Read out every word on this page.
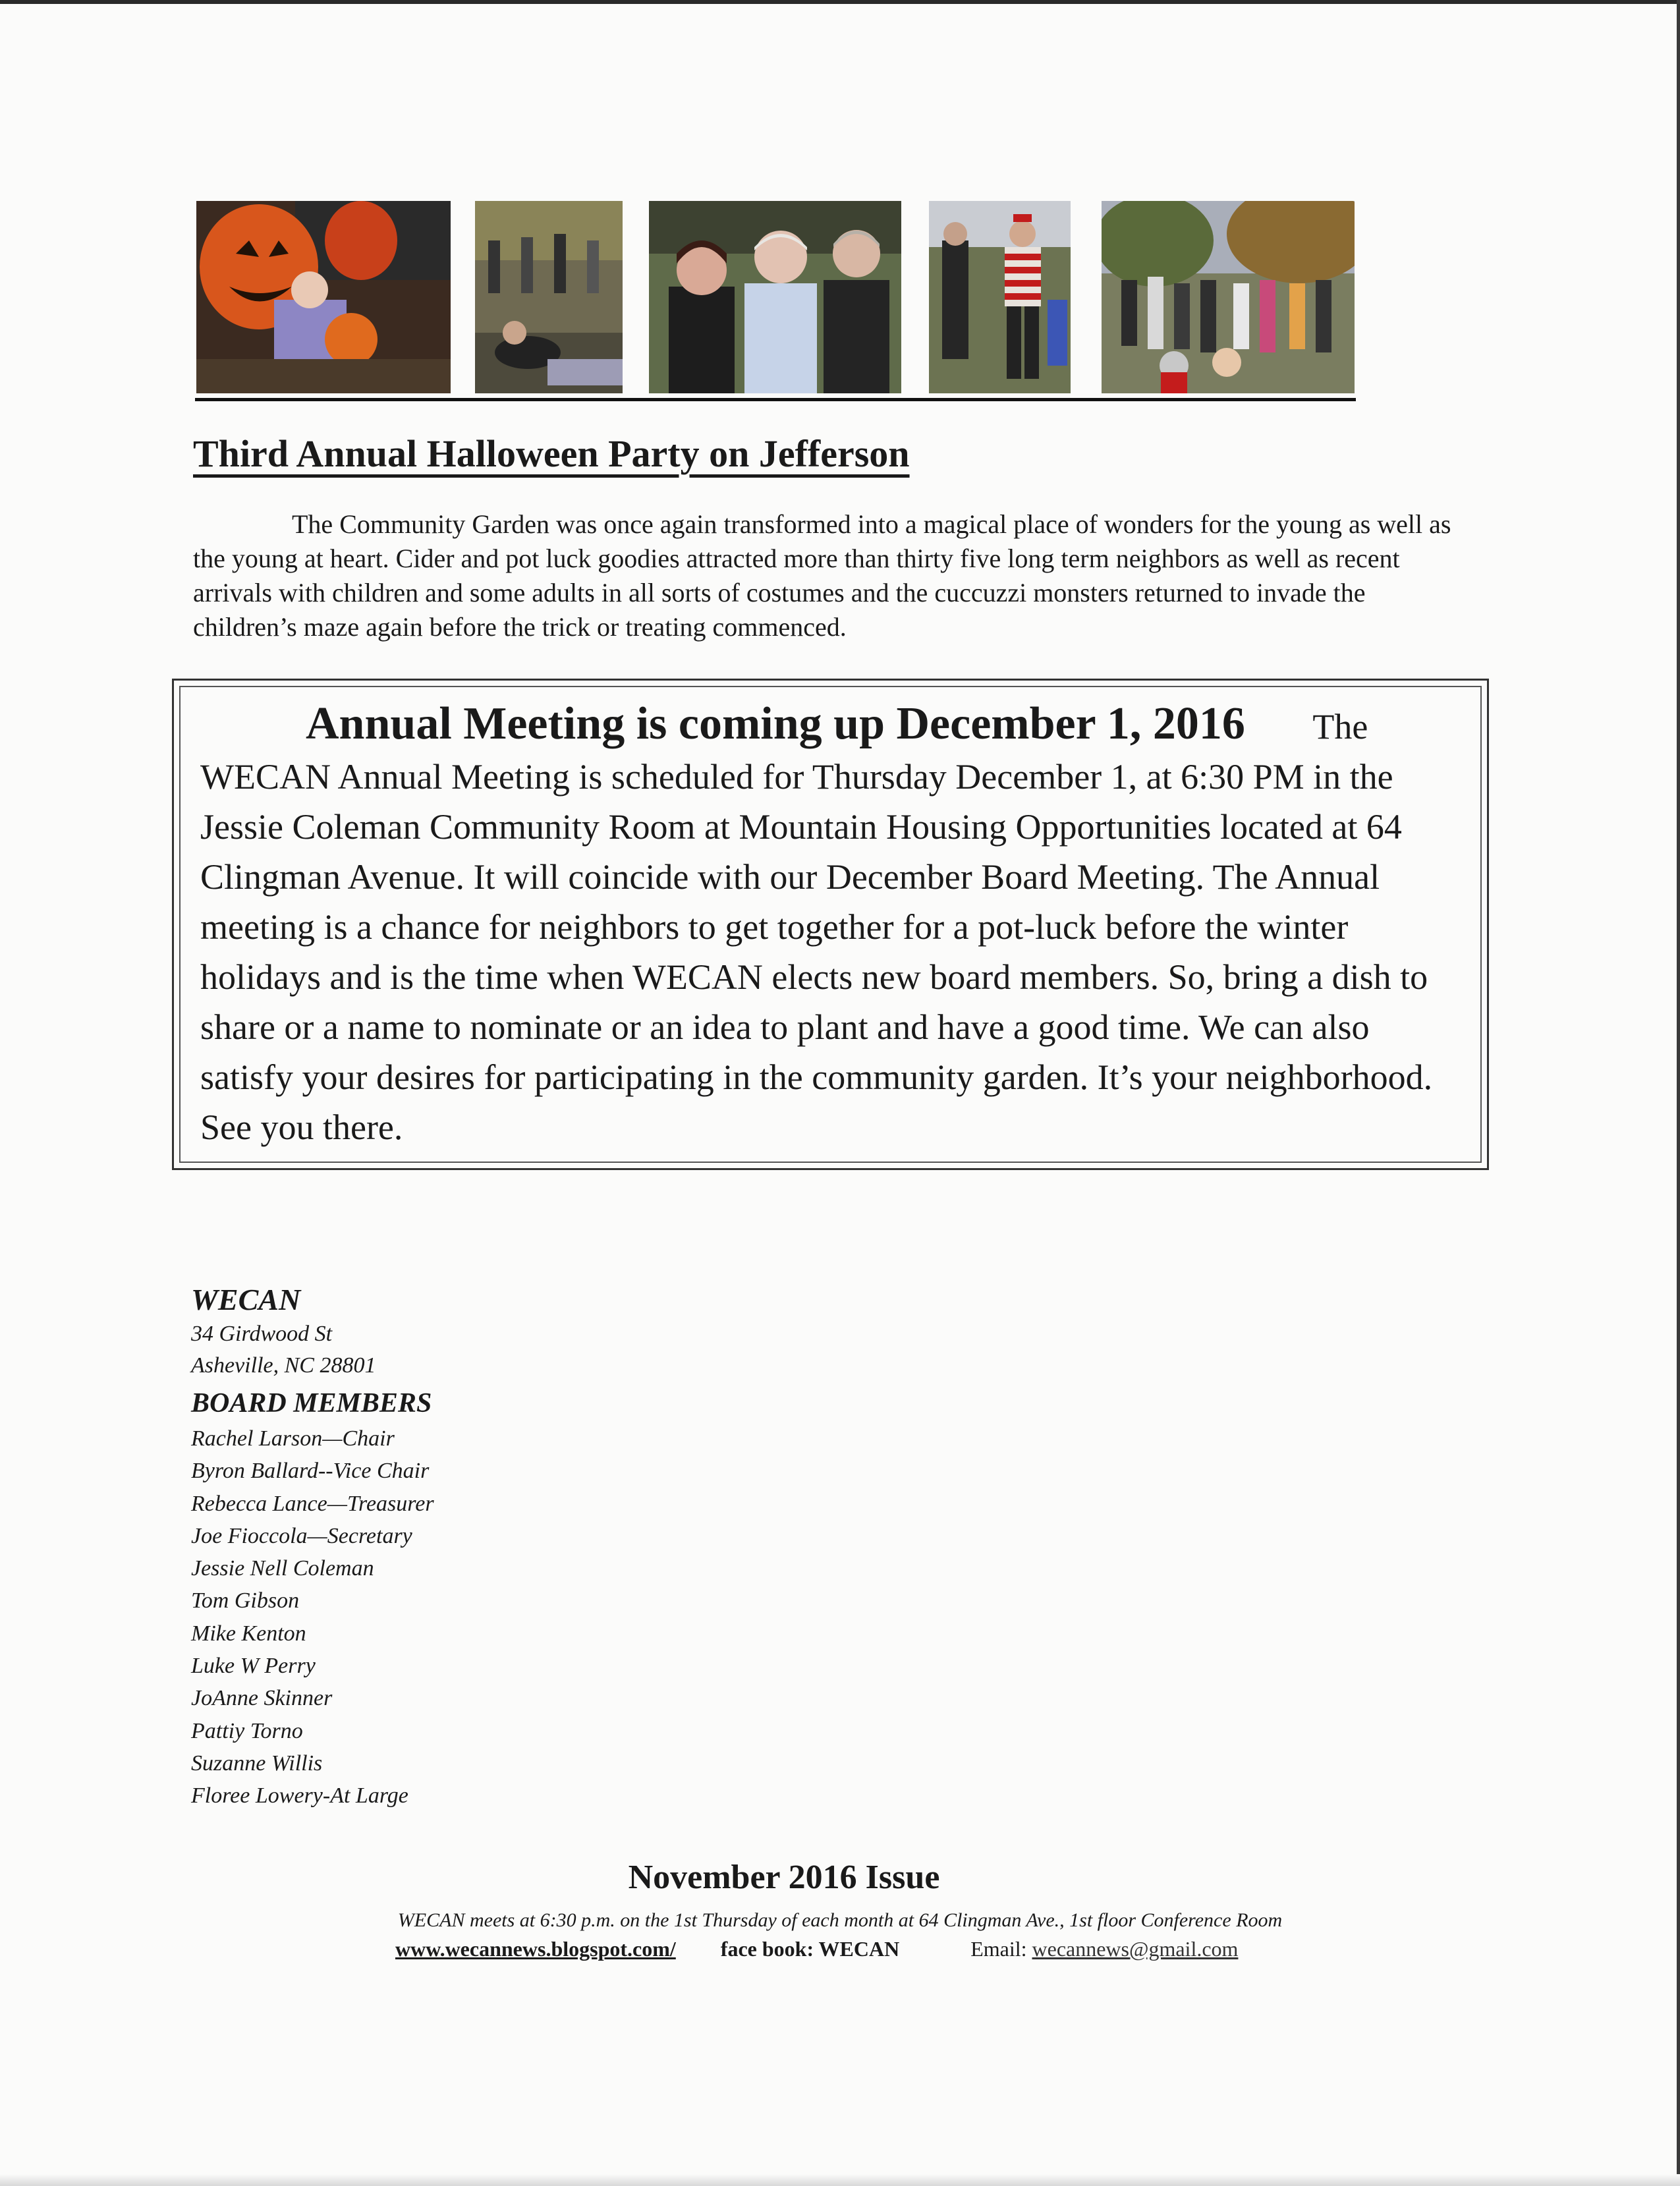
Third Annual Halloween Party on Jefferson

The Community Garden was once again transformed into a magical place of wonders for the young as well as the young at heart. Cider and pot luck goodies attracted more than thirty five long term neighbors as well as recent arrivals with children and some adults in all sorts of costumes and the cuccuzzi monsters returned to invade the children’s maze again before the trick or treating commenced.

Annual Meeting is coming up December 1, 2016 The WECAN Annual Meeting is scheduled for Thursday December 1, at 6:30 PM in the Jessie Coleman Community Room at Mountain Housing Opportunities located at 64 Clingman Avenue. It will coincide with our December Board Meeting. The Annual meeting is a chance for neighbors to get together for a pot-luck before the winter holidays and is the time when WECAN elects new board members. So, bring a dish to share or a name to nominate or an idea to plant and have a good time. We can also satisfy your desires for participating in the community garden. It’s your neighborhood. See you there.

WECAN

34 Girdwood St

Asheville, NC 28801

BOARD MEMBERS

Rachel Larson—Chair

Byron Ballard--Vice Chair

Rebecca Lance—Treasurer

Joe Fioccola—Secretary

Jessie Nell Coleman

Tom Gibson

Mike Kenton

Luke W Perry

JoAnne Skinner

Pattiy Torno

Suzanne Willis

Floree Lowery-At Large

November 2016 Issue
WECAN meets at 6:30 p.m. on the 1st Thursday of each month at 64 Clingman Ave., 1st floor Conference Room
www.wecannews.blogspot.com/ face book: WECAN	Email: wecannews@gmail.com
